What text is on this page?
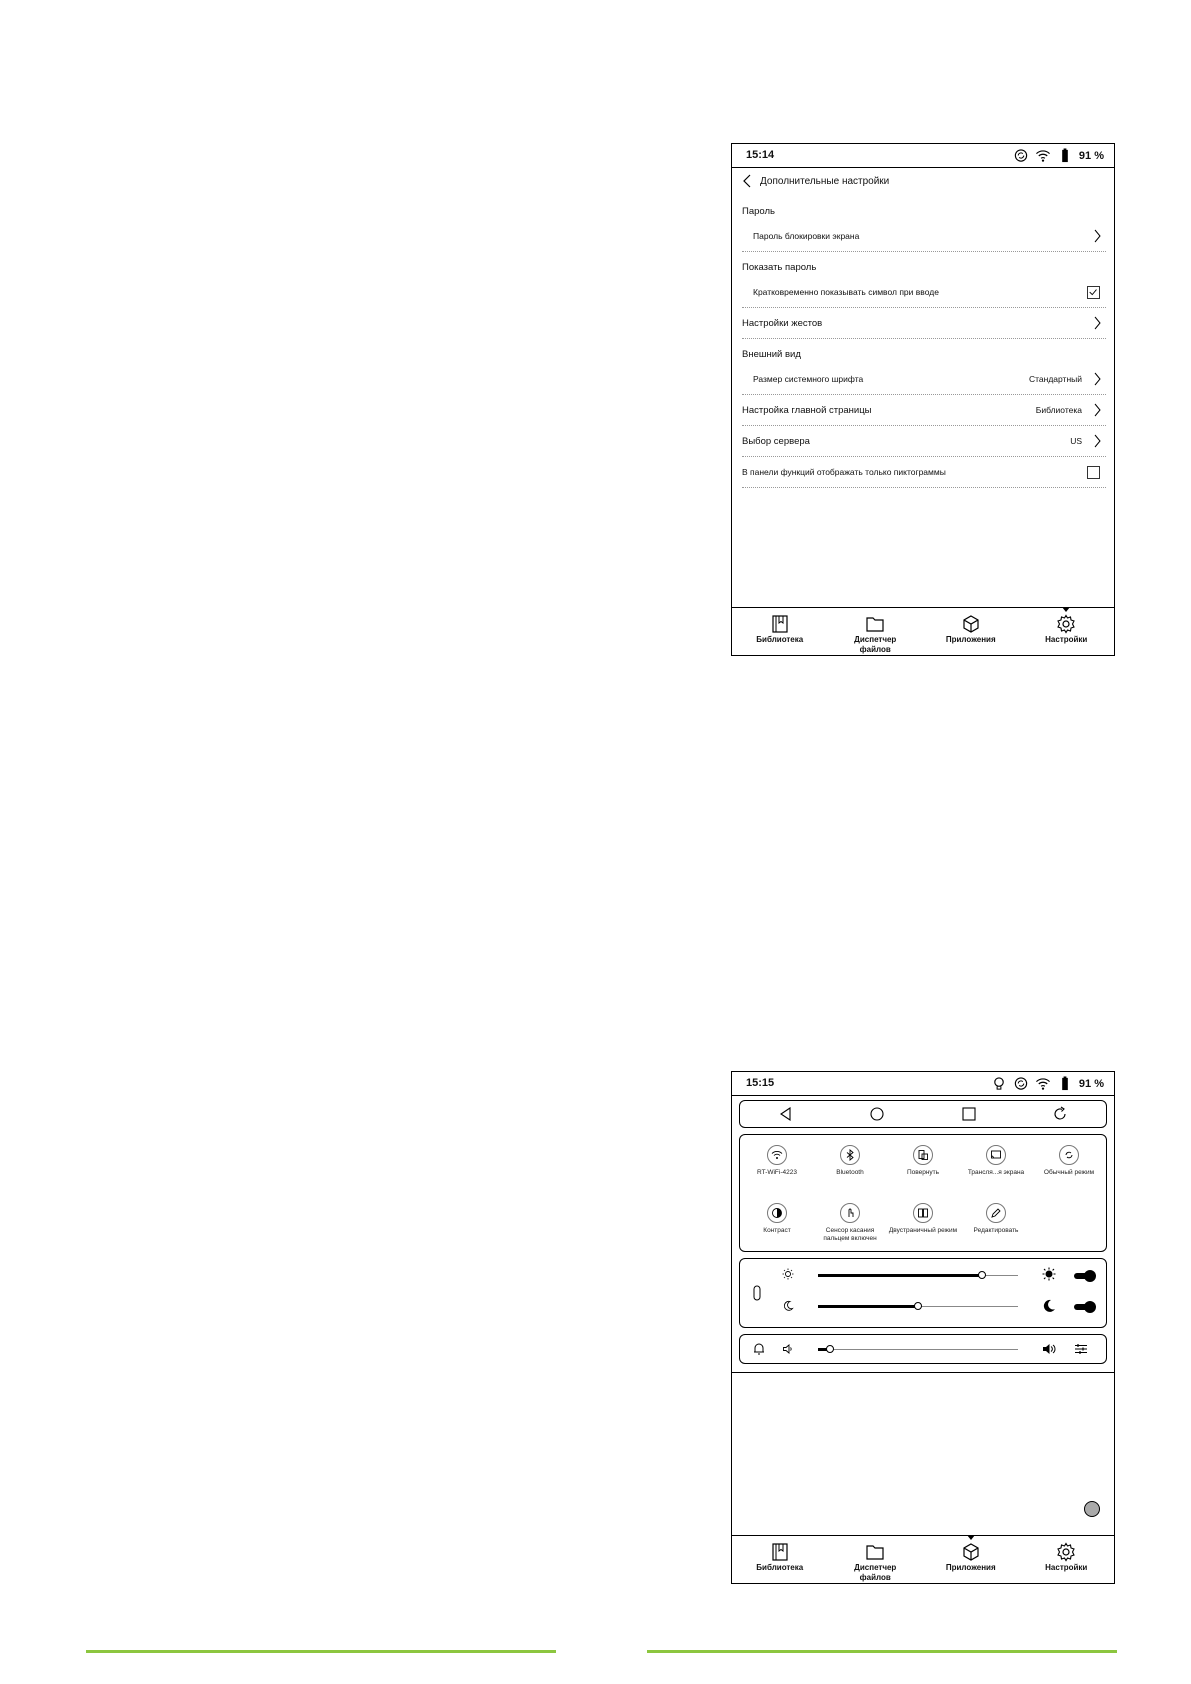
15:14	91 %
Дополнительные настройки
Пароль
Пароль блокировки экрана
Показать пароль
Кратковременно показывать символ при вводе
Настройки жестов
Внешний вид
Размер системного шрифта	Стандартный
Настройка главной страницы	Библиотека
Выбор сервера	US
В панели функций отображать только пиктограммы
Библиотека	Диспетчер
файлов
Приложения	Настройки
15:15	91 %
RT-WiFi-4223	Bluetooth	Повернуть	Трансля...я экрана	Обычный режим
Контраст	Сенсор касания пальцем включен
Двустраничный режим	Редактировать
Библиотека	Диспетчер
файлов
Приложения	Настройки
